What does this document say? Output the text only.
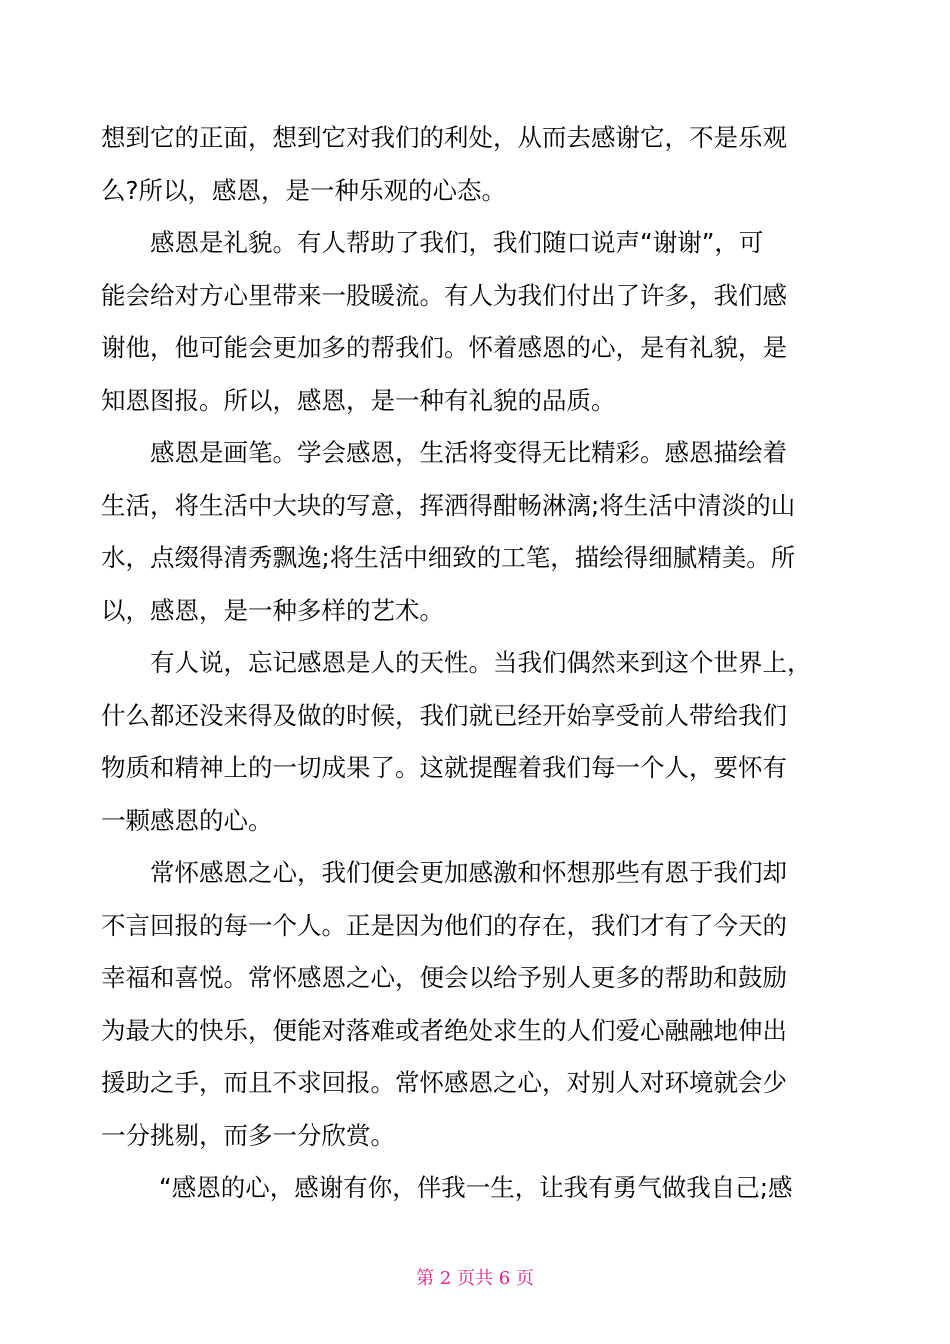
想到它的正面，想到它对我们的利处，从而去感谢它，不是乐观
么?所以，感恩，是一种乐观的心态。
感恩是礼貌。有人帮助了我们，我们随口说声“谢谢”，可
能会给对方心里带来一股暖流。有人为我们付出了许多，我们感
谢他，他可能会更加多的帮我们。怀着感恩的心，是有礼貌，是
知恩图报。所以，感恩，是一种有礼貌的品质。
感恩是画笔。学会感恩，生活将变得无比精彩。感恩描绘着
生活，将生活中大块的写意，挥洒得酣畅淋漓;将生活中清淡的山
水，点缀得清秀飘逸;将生活中细致的工笔，描绘得细腻精美。所
以，感恩，是一种多样的艺术。
有人说，忘记感恩是人的天性。当我们偶然来到这个世界上，
什么都还没来得及做的时候，我们就已经开始享受前人带给我们
物质和精神上的一切成果了。这就提醒着我们每一个人，要怀有
一颗感恩的心。
常怀感恩之心，我们便会更加感激和怀想那些有恩于我们却
不言回报的每一个人。正是因为他们的存在，我们才有了今天的
幸福和喜悦。常怀感恩之心，便会以给予别人更多的帮助和鼓励
为最大的快乐，便能对落难或者绝处求生的人们爱心融融地伸出
援助之手，而且不求回报。常怀感恩之心，对别人对环境就会少
一分挑剔，而多一分欣赏。
“感恩的心，感谢有你，伴我一生，让我有勇气做我自己;感
第 2 页共 6 页
